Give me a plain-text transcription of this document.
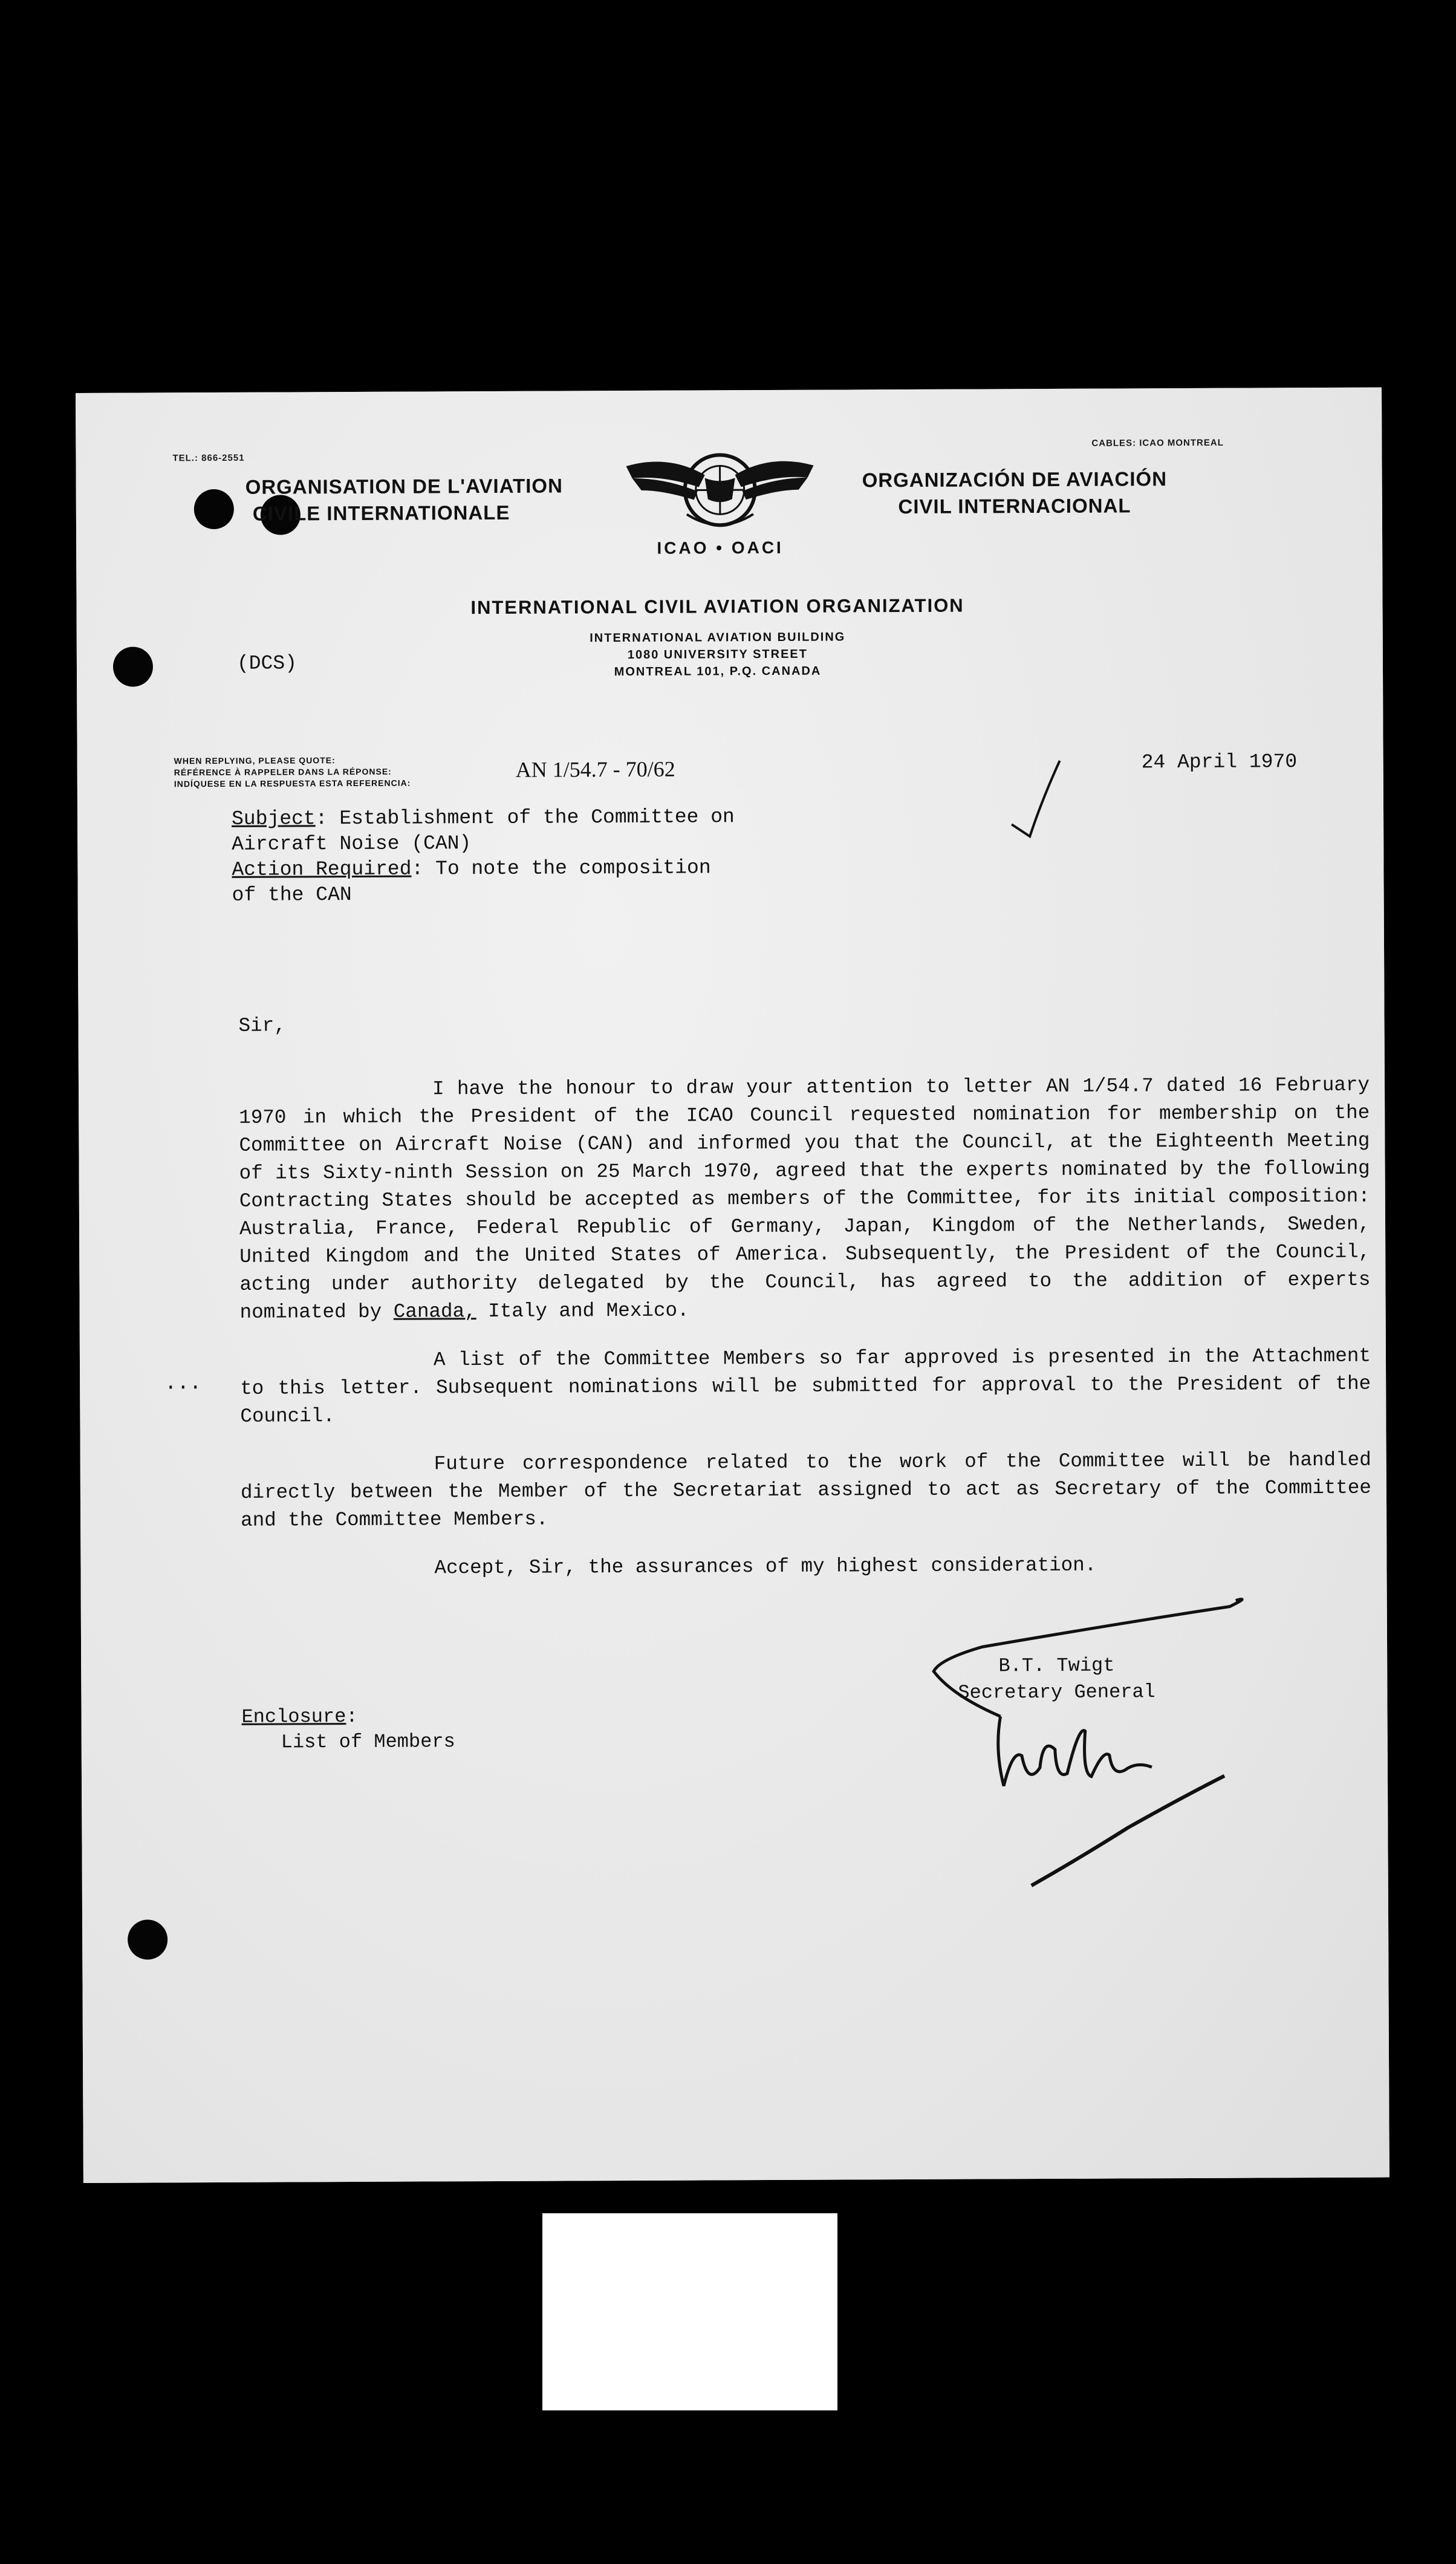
TEL.: 866-2551
CABLES: ICAO MONTREAL
ORGANISATION DE L'AVIATION
CIVILE INTERNATIONALE
ICAO • OACI
ORGANIZACIÓN DE AVIACIÓN
CIVIL INTERNACIONAL
INTERNATIONAL CIVIL AVIATION ORGANIZATION
INTERNATIONAL AVIATION BUILDING
1080 UNIVERSITY STREET
MONTREAL 101, P.Q. CANADA
(DCS)
WHEN REPLYING, PLEASE QUOTE:
RÉFÉRENCE À RAPPELER DANS LA RÉPONSE:
INDÍQUESE EN LA RESPUESTA ESTA REFERENCIA:
AN 1/54.7 - 70/62	24 April 1970
Subject: Establishment of the Committee on
Aircraft Noise (CAN)
Action Required: To note the composition
of the CAN

Sir,

I have the honour to draw your attention to letter AN 1/54.7 dated 16 February 1970 in which the President of the ICAO Council requested nomination for membership on the Committee on Aircraft Noise (CAN) and informed you that the Council, at the Eighteenth Meeting of its Sixty-ninth Session on 25 March 1970, agreed that the experts nominated by the following Contracting States should be accepted as members of the Committee, for its initial composition: Australia, France, Federal Republic of Germany, Japan, Kingdom of the Netherlands, Sweden, United Kingdom and the United States of America. Subsequently, the President of the Council, acting under authority delegated by the Council, has agreed to the addition of experts nominated by Canada, Italy and Mexico.

A list of the Committee Members so far approved is presented in the Attachment to this letter. Subsequent nominations will be submitted for approval to the President of the Council.

Future correspondence related to the work of the Committee will be handled directly between the Member of the Secretariat assigned to act as Secretary of the Committee and the Committee Members.

Accept, Sir, the assurances of my highest consideration.

...
B.T. Twigt
Secretary General
Enclosure:
List of Members
